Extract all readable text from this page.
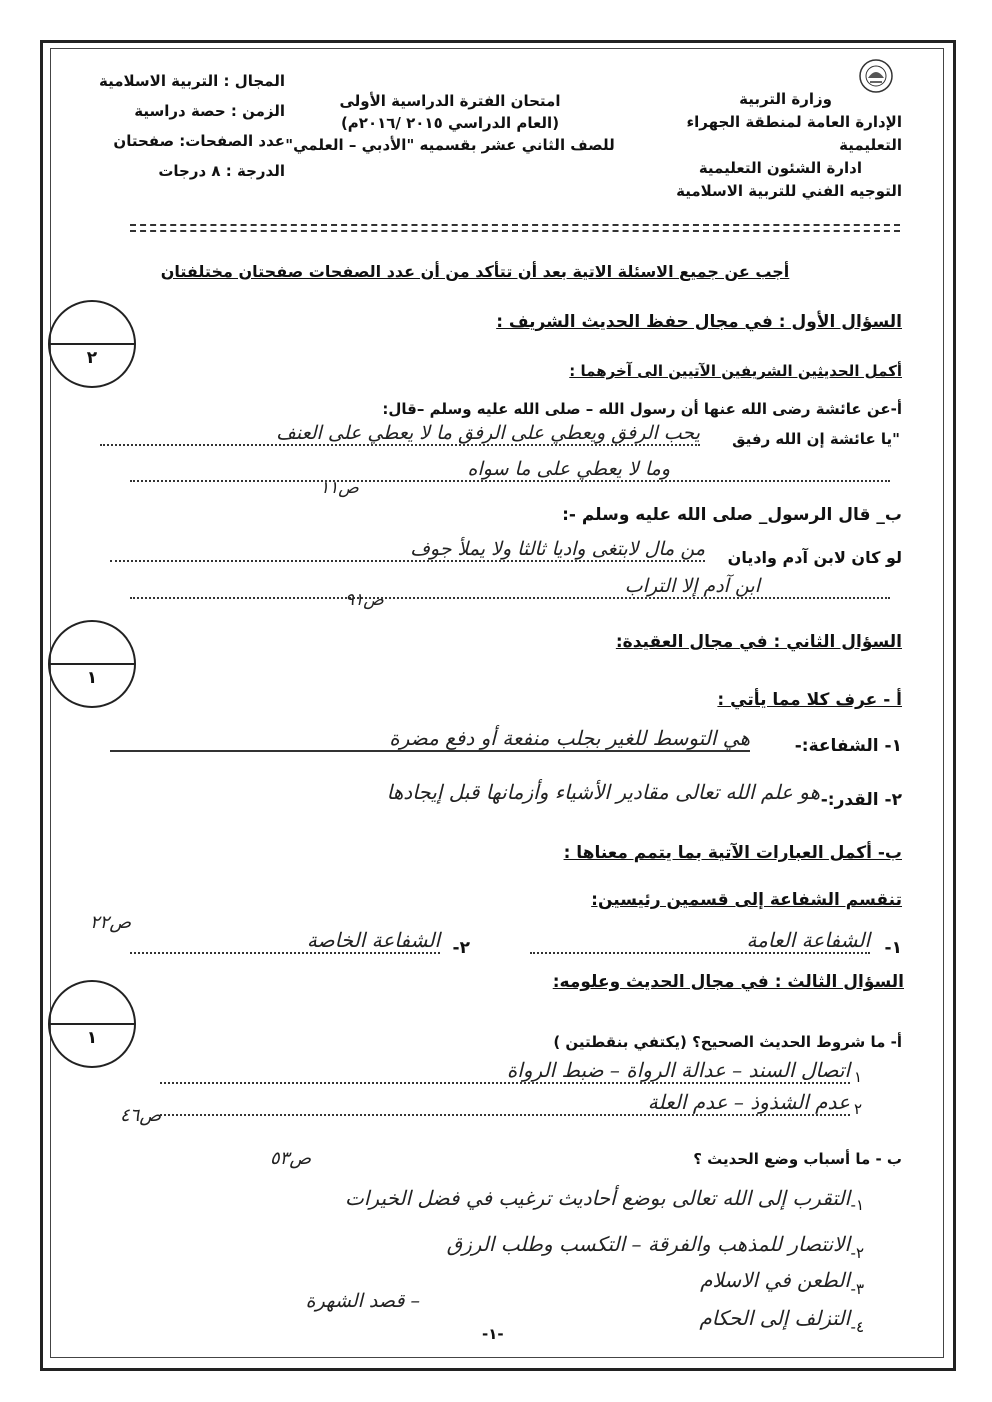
وزارة التربية
الإدارة العامة لمنطقة الجهراء التعليمية
ادارة الشئون التعليمية
التوجيه الفني للتربية الاسلامية
امتحان الفترة الدراسية الأولى
(العام الدراسي ٢٠١٥ /٢٠١٦م)
للصف الثاني عشر بقسميه "الأدبي – العلمي"
المجال : التربية الاسلامية
الزمن : حصة دراسية
عدد الصفحات: صفحتان
الدرجة : ٨ درجات
أجب عن جميع الاسئلة الاتية بعد أن تتأكد من أن عدد الصفحات صفحتان مختلفتان
٢
السؤال الأول : في مجال حفظ الحديث الشريف :
أكمل الحديثين الشريفين الآتيين الى آخرهما :
أ-عن عائشة رضى الله عنها أن رسول الله – صلى الله عليه وسلم –قال:
"يا عائشة إن الله رفيق
يحب الرفق ويعطي على الرفق ما لا يعطي على العنف
وما لا يعطي على ما سواه
ص١١
ب_ قال الرسول_ صلى الله عليه وسلم -:
لو كان لابن آدم واديان
من مال لابتغى واديا ثالثا ولا يملأ جوف
ابن آدم إلا التراب
ص٩١
١
السؤال الثاني : في مجال العقيدة:
أ - عرف كلا مما يأتي :
١- الشفاعة:-
هي التوسط للغير بجلب منفعة أو دفع مضرة
٢- القدر:-
هو علم الله تعالى مقادير الأشياء وأزمانها قبل إيجادها
ب- أكمل العبارات الآتية بما يتمم معناها :
تنقسم الشفاعة إلى قسمين رئيسين:
١-
الشفاعة العامة
٢-
الشفاعة الخاصة
ص٢٢
١
السؤال الثالث : في مجال الحديث وعلومه:
أ- ما شروط الحديث الصحيح؟ (يكتفي بنقطتين )
١
اتصال السند – عدالة الرواة – ضبط الرواة
٢
عدم الشذوذ – عدم العلة
ص٤٦
ب - ما أسباب وضع الحديث ؟
ص٥٣
١-
التقرب إلى الله تعالى بوضع أحاديث ترغيب في فضل الخيرات
٢-
الانتصار للمذهب والفرقة – التكسب وطلب الرزق
٣-
الطعن في الاسلام
– قصد الشهرة
٤-
التزلف إلى الحكام
-١-
